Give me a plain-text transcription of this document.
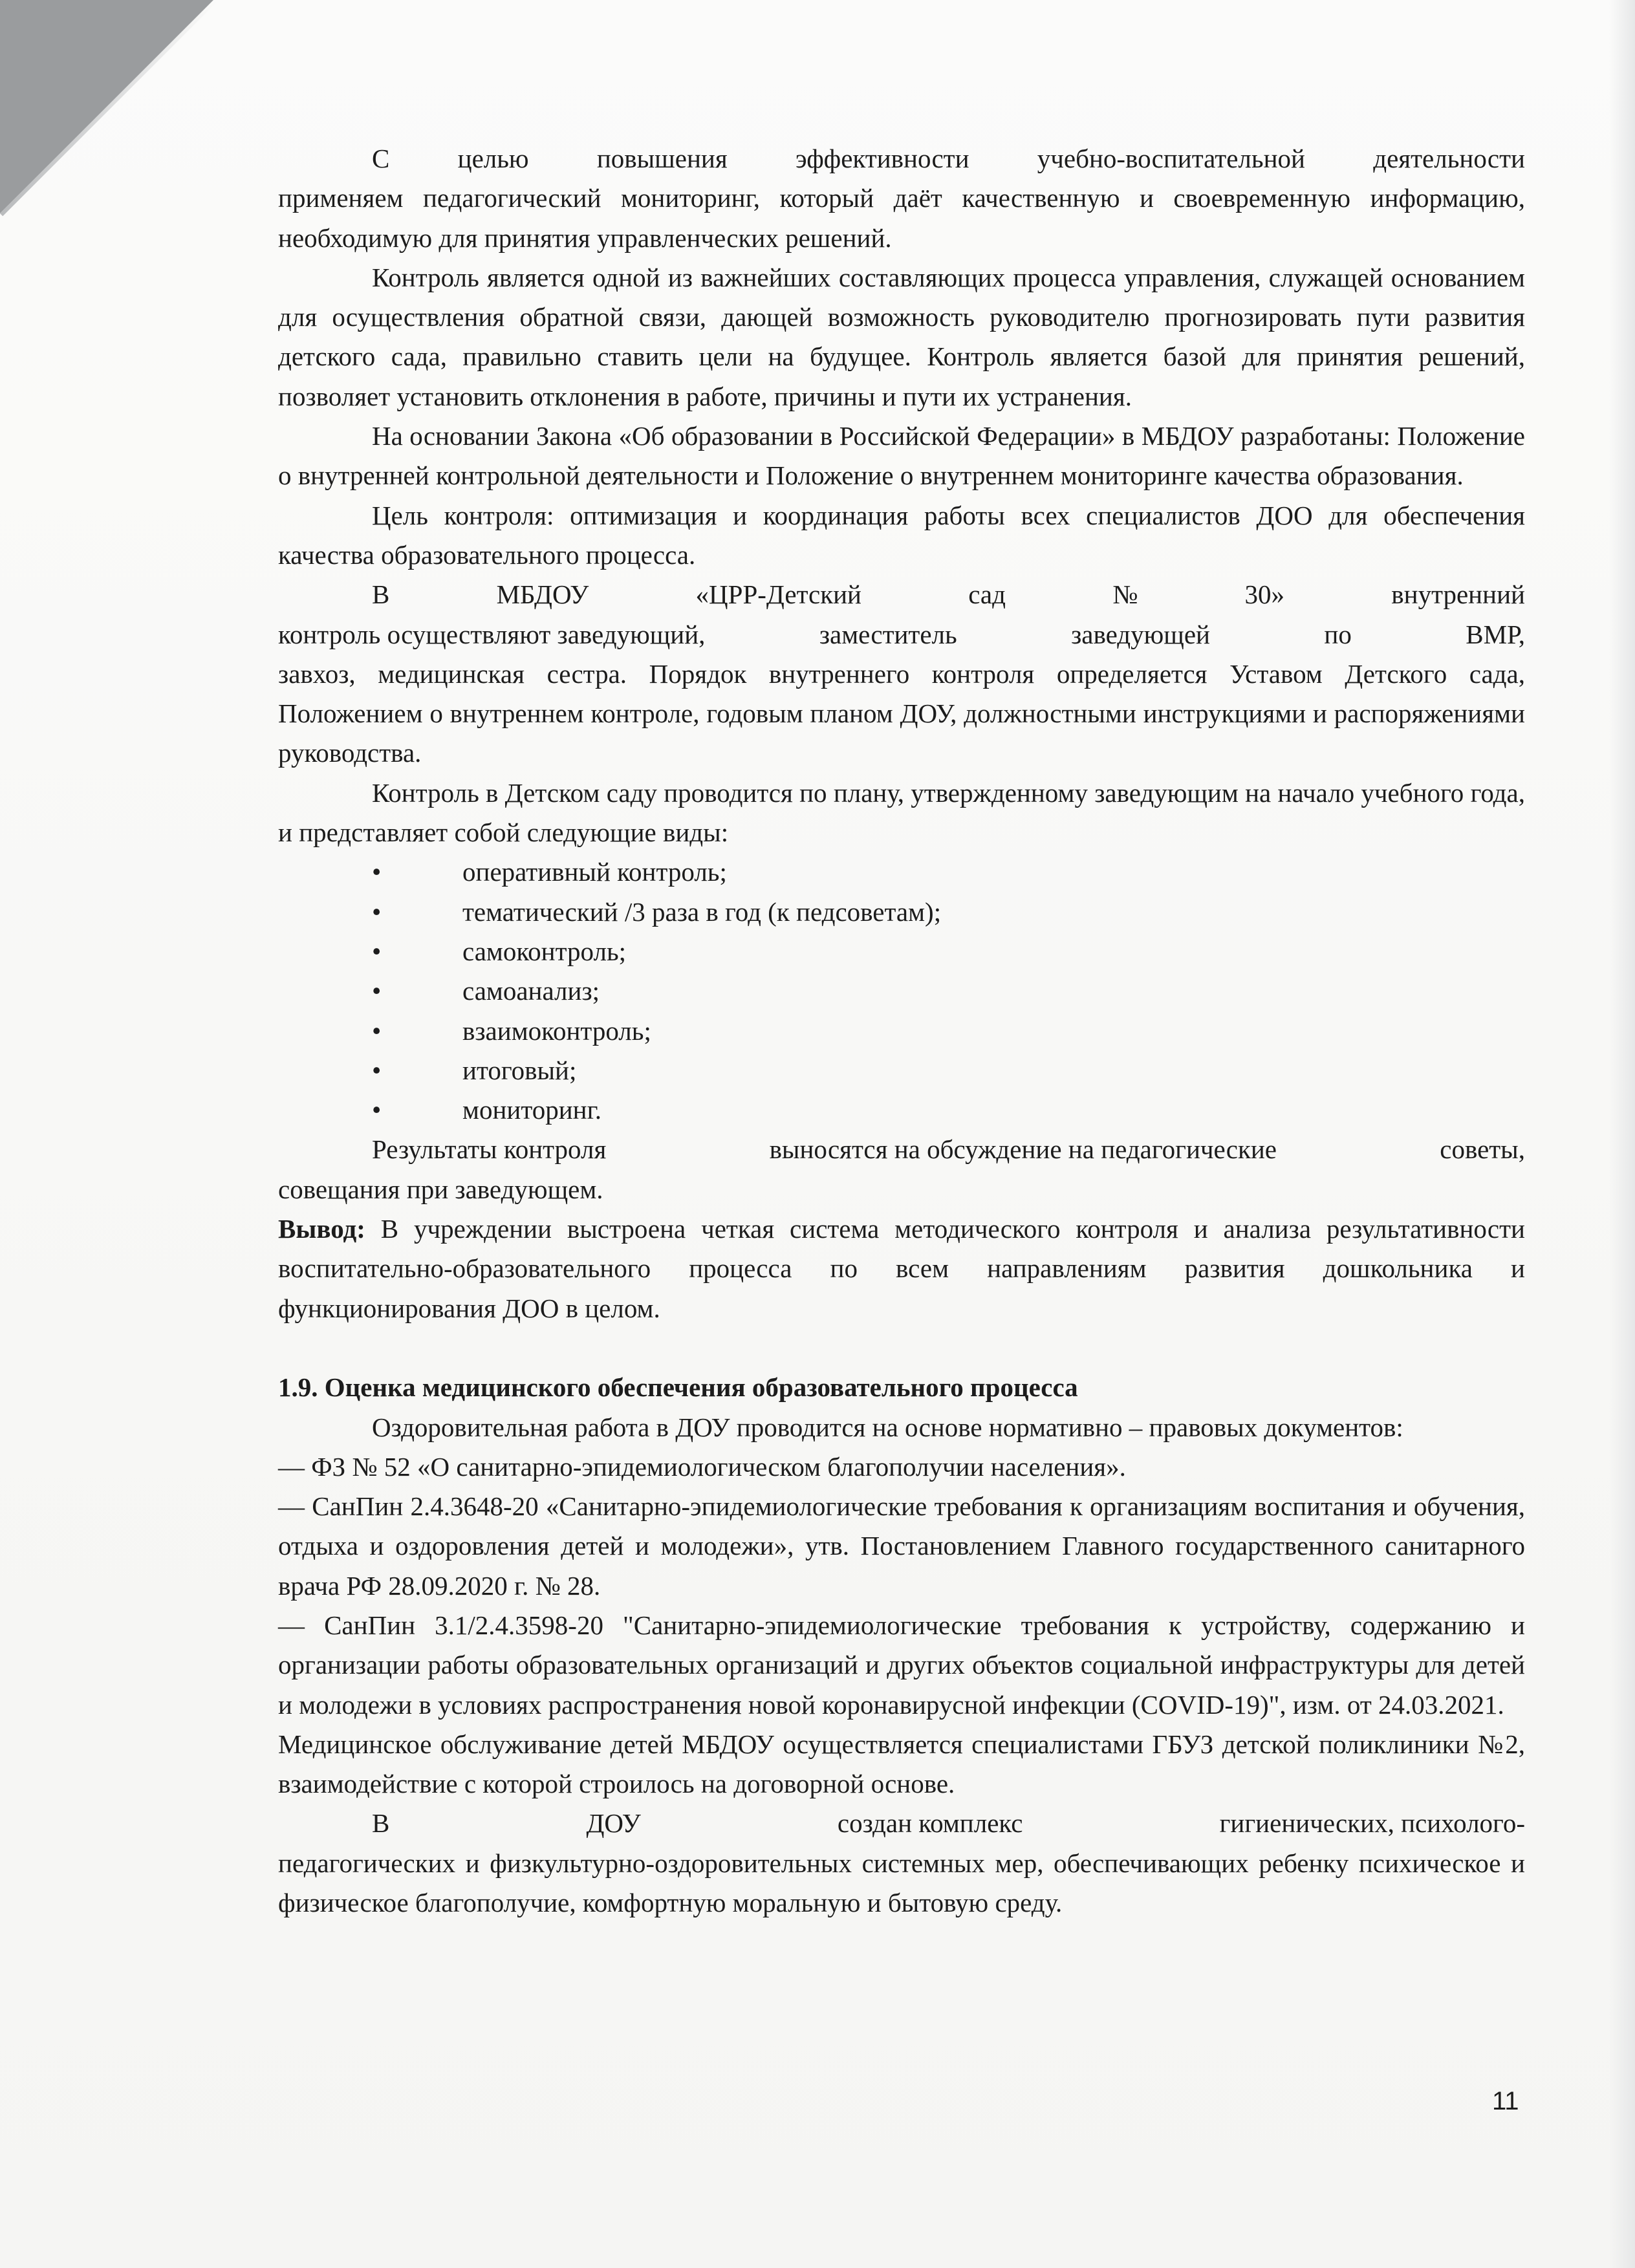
С	целью	повышения	эффективности	учебно-воспитательной	деятельности

применяем педагогический мониторинг, который даёт качественную и своевременную информацию, необходимую для принятия управленческих решений.

Контроль является одной из важнейших составляющих процесса управления, служащей основанием для осуществления обратной связи, дающей возможность руководителю прогнозировать пути развития детского сада, правильно ставить цели на будущее. Контроль является базой для принятия решений, позволяет установить отклонения в работе, причины и пути их устранения.

На основании Закона «Об образовании в Российской Федерации» в МБДОУ разработаны: Положение о внутренней контрольной деятельности и Положение о внутреннем мониторинге качества образования.

Цель контроля: оптимизация и координация работы всех специалистов ДОО для обеспечения качества образовательного процесса.

В	МБДОУ	«ЦРР-Детский	сад	№	30»	внутренний
контроль осуществляют заведующий,	заместитель	заведующей	по	ВМР,

завхоз, медицинская сестра. Порядок внутреннего контроля определяется Уставом Детского сада, Положением о внутреннем контроле, годовым планом ДОУ, должностными инструкциями и распоряжениями руководства.

Контроль в Детском саду проводится по плану, утвержденному заведующим на начало учебного года, и представляет собой следующие виды:

•	оперативный контроль;
•	тематический /3 раза в год (к педсоветам);
•	самоконтроль;
•	самоанализ;
•	взаимоконтроль;
•	итоговый;
•	мониторинг.
Результаты контроля	выносятся на обсуждение на педагогические	советы,

совещания при заведующем.

Вывод: В учреждении выстроена четкая система методического контроля и анализа результативности воспитательно-образовательного процесса по всем направлениям развития дошкольника и функционирования ДОО в целом.

1.9. Оценка медицинского обеспечения образовательного процесса

Оздоровительная работа в ДОУ проводится на основе нормативно – правовых документов:

— ФЗ № 52 «О санитарно-эпидемиологическом благополучии населения».

— СанПин 2.4.3648-20 «Санитарно-эпидемиологические требования к организациям воспитания и обучения, отдыха и оздоровления детей и молодежи», утв. Постановлением Главного государственного санитарного врача РФ 28.09.2020 г. № 28.

— СанПин 3.1/2.4.3598-20 "Санитарно-эпидемиологические требования к устройству, содержанию и организации работы образовательных организаций и других объектов социальной инфраструктуры для детей и молодежи в условиях распространения новой коронавирусной инфекции (COVID-19)", изм. от 24.03.2021.

Медицинское обслуживание детей МБДОУ осуществляется специалистами ГБУЗ детской поликлиники №2, взаимодействие с которой строилось на договорной основе.

В	ДОУ	создан комплекс	гигиенических, психолого-

педагогических и физкультурно-оздоровительных системных мер, обеспечивающих ребенку психическое и физическое благополучие, комфортную моральную и бытовую среду.

11
